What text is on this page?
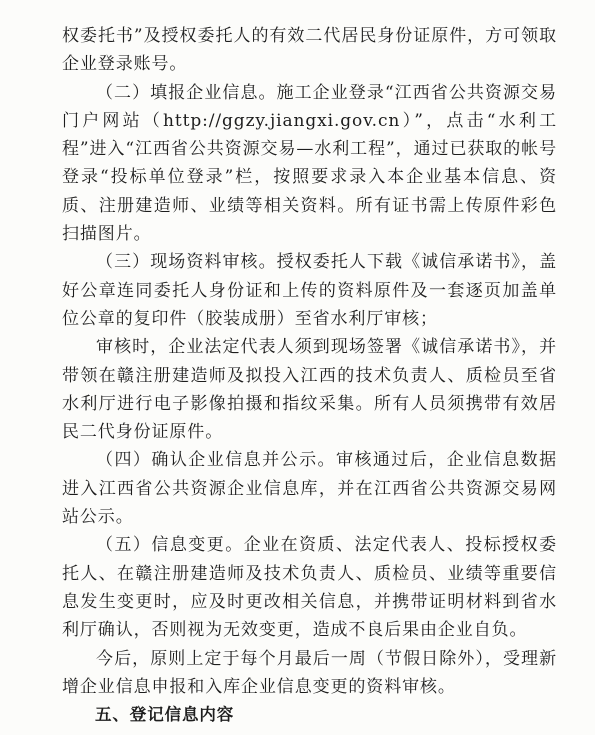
权委托书”及授权委托人的有效二代居民身份证原件，方可领取企业登录账号。

（二）填报企业信息。施工企业登录“江西省公共资源交易门户网站（http://ggzy.jiangxi.gov.cn）”，点击“水利工程”进入“江西省公共资源交易—水利工程”，通过已获取的帐号登录“投标单位登录”栏，按照要求录入本企业基本信息、资质、注册建造师、业绩等相关资料。所有证书需上传原件彩色扫描图片。

（三）现场资料审核。授权委托人下载《诚信承诺书》，盖好公章连同委托人身份证和上传的资料原件及一套逐页加盖单位公章的复印件（胶装成册）至省水利厅审核；

审核时，企业法定代表人须到现场签署《诚信承诺书》，并带领在赣注册建造师及拟投入江西的技术负责人、质检员至省水利厅进行电子影像拍摄和指纹采集。所有人员须携带有效居民二代身份证原件。

（四）确认企业信息并公示。审核通过后，企业信息数据进入江西省公共资源企业信息库，并在江西省公共资源交易网站公示。

（五）信息变更。企业在资质、法定代表人、投标授权委托人、在赣注册建造师及技术负责人、质检员、业绩等重要信息发生变更时，应及时更改相关信息，并携带证明材料到省水利厅确认，否则视为无效变更，造成不良后果由企业自负。

今后，原则上定于每个月最后一周（节假日除外），受理新增企业信息申报和入库企业信息变更的资料审核。

五、登记信息内容
